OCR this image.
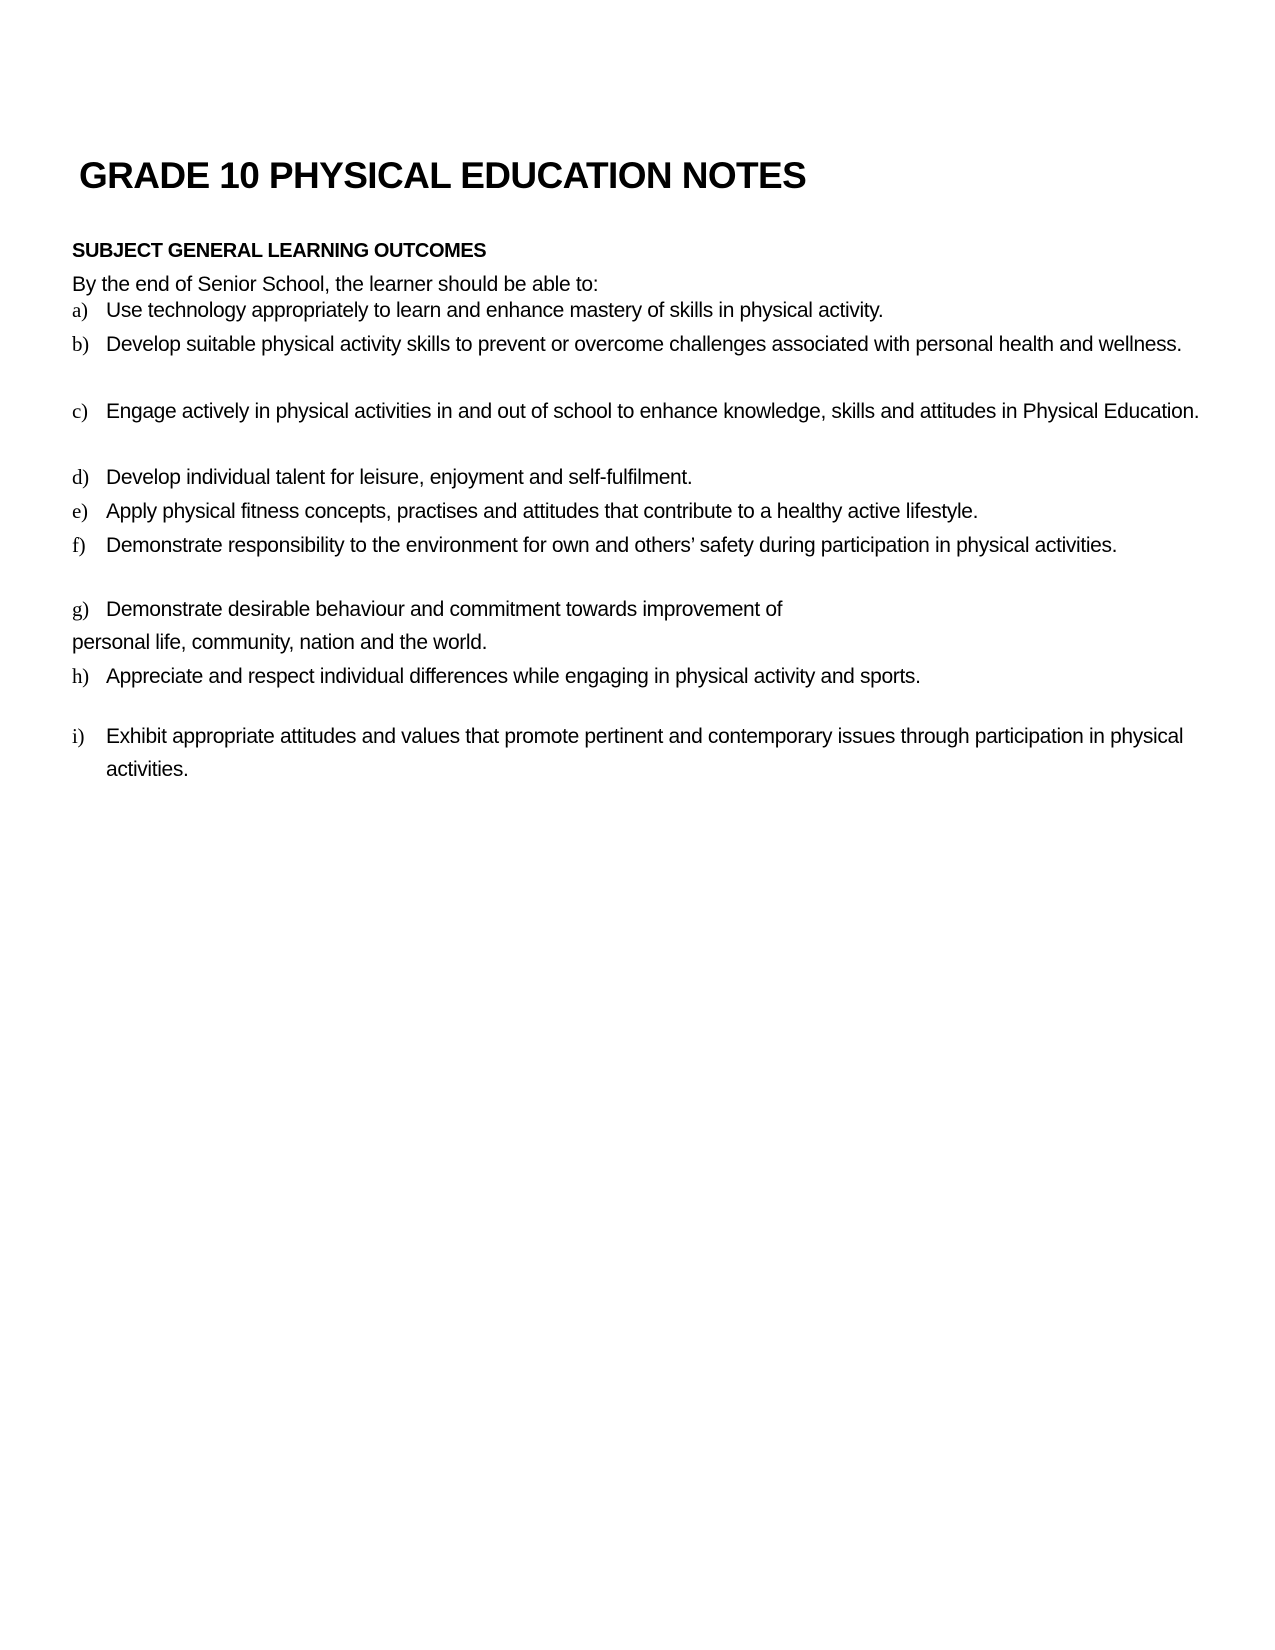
GRADE 10 PHYSICAL EDUCATION NOTES
SUBJECT GENERAL LEARNING OUTCOMES

By the end of Senior School, the learner should be able to:

a) Use technology appropriately to learn and enhance mastery of skills in physical activity.
b) Develop suitable physical activity skills to prevent or overcome challenges associated with personal health and wellness.
c) Engage actively in physical activities in and out of school to enhance knowledge, skills and attitudes in Physical Education.
d) Develop individual talent for leisure, enjoyment and self-fulfilment.
e) Apply physical fitness concepts, practises and attitudes that contribute to a healthy active lifestyle.
f) Demonstrate responsibility to the environment for own and others’ safety during participation in physical activities.
g) Demonstrate desirable behaviour and commitment towards improvement of
personal life, community, nation and the world.
h) Appreciate and respect individual differences while engaging in physical activity and sports.
i) Exhibit appropriate attitudes and values that promote pertinent and contemporary issues through participation in physical activities.
